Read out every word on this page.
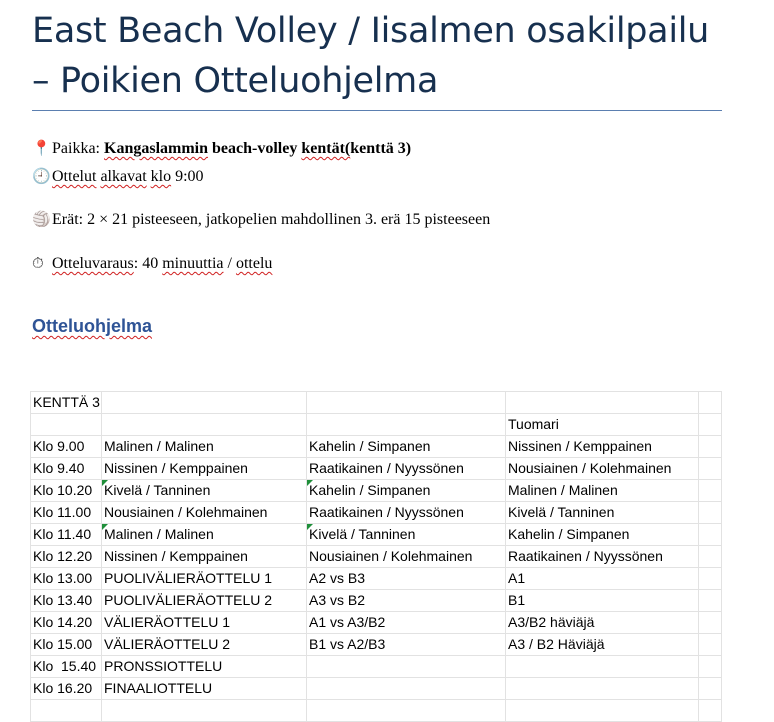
East Beach Volley / Iisalmen osakilpailu
– Poikien Otteluohjelma
📍Paikka: Kangaslammin beach-volley kentät(kenttä 3)
🕘Ottelut alkavat klo 9:00
🏐Erät: 2 × 21 pisteeseen, jatkopelien mahdollinen 3. erä 15 pisteeseen
⏱ Otteluvaraus: 40 minuuttia / ottelu
Otteluohjelma
KENTTÄ 3
Tuomari
Klo 9.00 Malinen / Malinen	Kahelin / Simpanen	Nissinen / Kemppainen
Klo 9.40 Nissinen / Kemppainen	Raatikainen / Nyyssönen	Nousiainen / Kolehmainen
Klo 10.20 Kivelä / Tanninen	Kahelin / Simpanen	Malinen / Malinen
Klo 11.00 Nousiainen / Kolehmainen	Raatikainen / Nyyssönen	Kivelä / Tanninen
Klo 11.40 Malinen / Malinen	Kivelä / Tanninen	Kahelin / Simpanen
Klo 12.20 Nissinen / Kemppainen	Nousiainen / Kolehmainen	Raatikainen / Nyyssönen
Klo 13.00 PUOLIVÄLIERÄOTTELU 1	A2 vs B3	A1
Klo 13.40 PUOLIVÄLIERÄOTTELU 2	A3 vs B2	B1
Klo 14.20 VÄLIERÄOTTELU 1	A1 vs A3/B2	A3/B2 häviäjä
Klo 15.00 VÄLIERÄOTTELU 2	B1 vs A2/B3	A3 / B2 Häviäjä
Klo  15.40 PRONSSIOTTELU
Klo 16.20 FINAALIOTTELU
